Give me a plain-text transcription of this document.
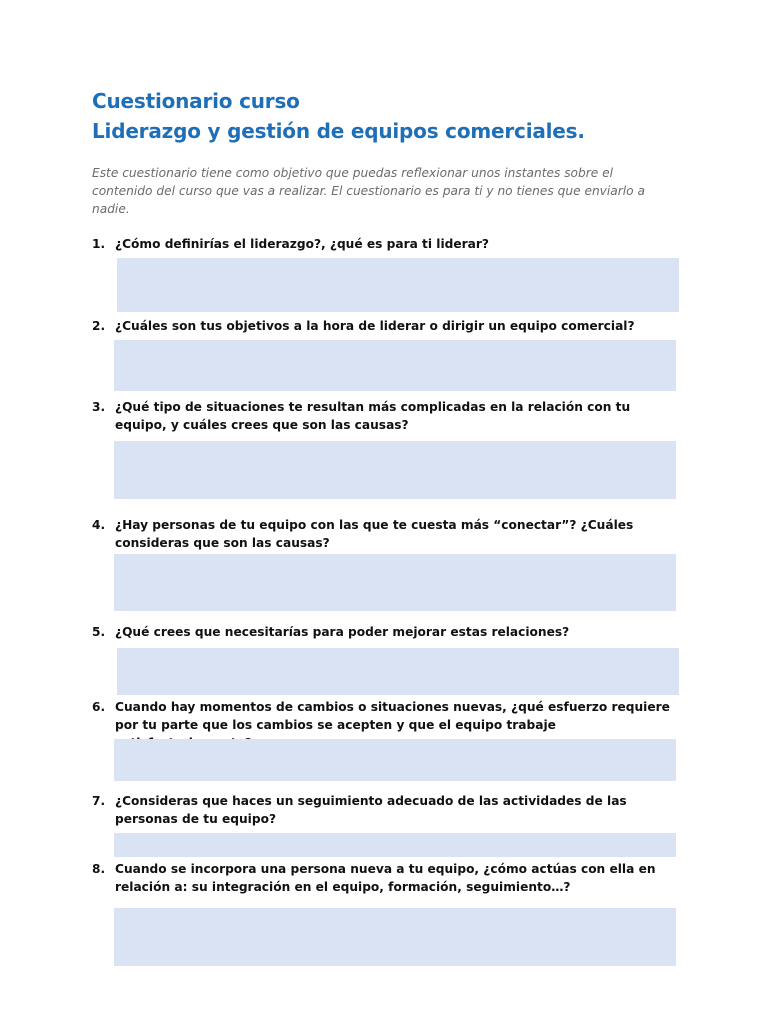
Cuestionario curso
Liderazgo y gestión de equipos comerciales.

Este cuestionario tiene como objetivo que puedas reflexionar unos instantes sobre el contenido del curso que vas a realizar. El cuestionario es para ti y no tienes que enviarlo a nadie.

1. ¿Cómo definirías el liderazgo?, ¿qué es para ti liderar?

2. ¿Cuáles son tus objetivos a la hora de liderar o dirigir un equipo comercial?

3. ¿Qué tipo de situaciones te resultan más complicadas en la relación con tu equipo, y cuáles crees que son las causas?

4. ¿Hay personas de tu equipo con las que te cuesta más “conectar”? ¿Cuáles consideras que son las causas?

5. ¿Qué crees que necesitarías para poder mejorar estas relaciones?

6. Cuando hay momentos de cambios o situaciones nuevas, ¿qué esfuerzo requiere por tu parte que los cambios se acepten y que el equipo trabaje

7. ¿Consideras que haces un seguimiento adecuado de las actividades de las personas de tu equipo?

8. Cuando se incorpora una persona nueva a tu equipo, ¿cómo actúas con ella en relación a: su integración en el equipo, formación, seguimiento…?
